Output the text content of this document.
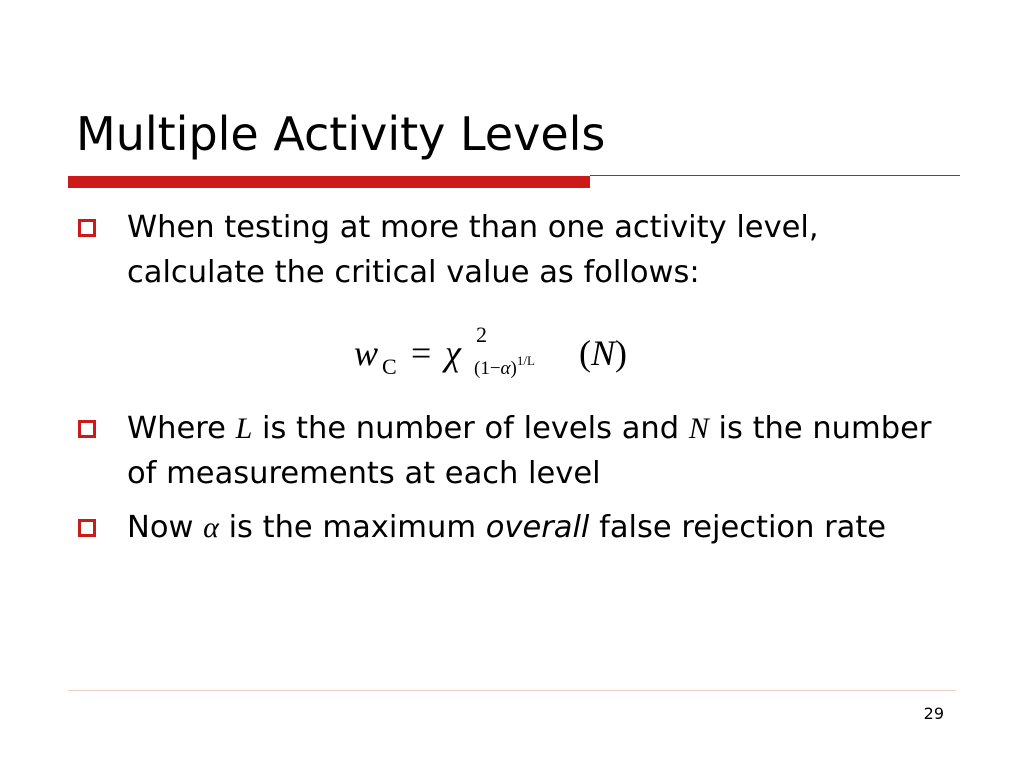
Multiple Activity Levels
When testing at more than one activity level, calculate the critical value as follows:
w C = χ 2
$(1-\alpha)^{1/L}$ (N)
Where L is the number of levels and N is the number of measurements at each level
Now α is the maximum overall false rejection rate
29
